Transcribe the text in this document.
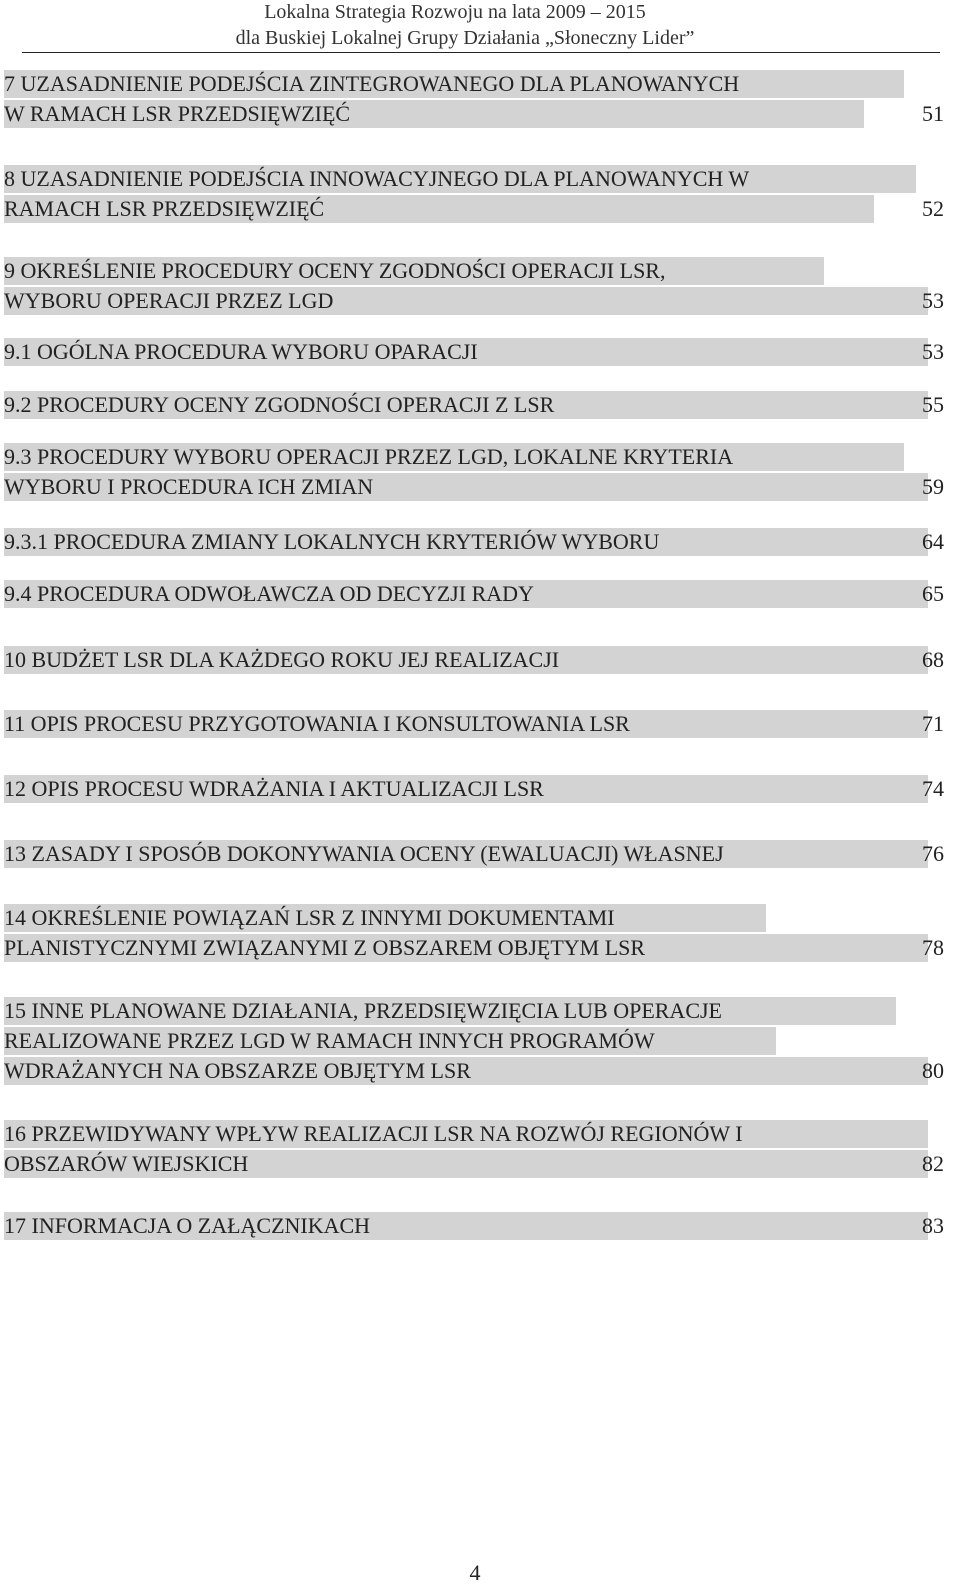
Lokalna Strategia Rozwoju na lata 2009 – 2015
dla Buskiej Lokalnej Grupy Działania „Słoneczny Lider”
7 UZASADNIENIE PODEJŚCIA ZINTEGROWANEGO DLA PLANOWANYCH
W RAMACH LSR PRZEDSIĘWZIĘĆ	51
8 UZASADNIENIE PODEJŚCIA INNOWACYJNEGO DLA PLANOWANYCH W
RAMACH LSR PRZEDSIĘWZIĘĆ	52
9 OKREŚLENIE PROCEDURY OCENY ZGODNOŚCI OPERACJI LSR,
WYBORU OPERACJI PRZEZ LGD	53
9.1 OGÓLNA PROCEDURA WYBORU OPARACJI	53
9.2 PROCEDURY OCENY ZGODNOŚCI OPERACJI Z LSR	55
9.3 PROCEDURY WYBORU OPERACJI PRZEZ LGD, LOKALNE KRYTERIA
WYBORU I PROCEDURA ICH ZMIAN	59
9.3.1 PROCEDURA ZMIANY LOKALNYCH KRYTERIÓW WYBORU	64
9.4 PROCEDURA ODWOŁAWCZA OD DECYZJI RADY	65
10 BUDŻET LSR DLA KAŻDEGO ROKU JEJ REALIZACJI	68
11 OPIS PROCESU PRZYGOTOWANIA I KONSULTOWANIA LSR	71
12 OPIS PROCESU WDRAŻANIA I AKTUALIZACJI LSR	74
13 ZASADY I SPOSÓB DOKONYWANIA OCENY (EWALUACJI) WŁASNEJ	76
14 OKREŚLENIE POWIĄZAŃ LSR Z INNYMI DOKUMENTAMI
PLANISTYCZNYMI ZWIĄZANYMI Z OBSZAREM OBJĘTYM LSR	78
15 INNE PLANOWANE DZIAŁANIA, PRZEDSIĘWZIĘCIA LUB OPERACJE
REALIZOWANE PRZEZ LGD W RAMACH INNYCH PROGRAMÓW
WDRAŻANYCH NA OBSZARZE OBJĘTYM LSR	80
16 PRZEWIDYWANY WPŁYW REALIZACJI LSR NA ROZWÓJ REGIONÓW I
OBSZARÓW WIEJSKICH	82
17 INFORMACJA O ZAŁĄCZNIKACH	83
4
